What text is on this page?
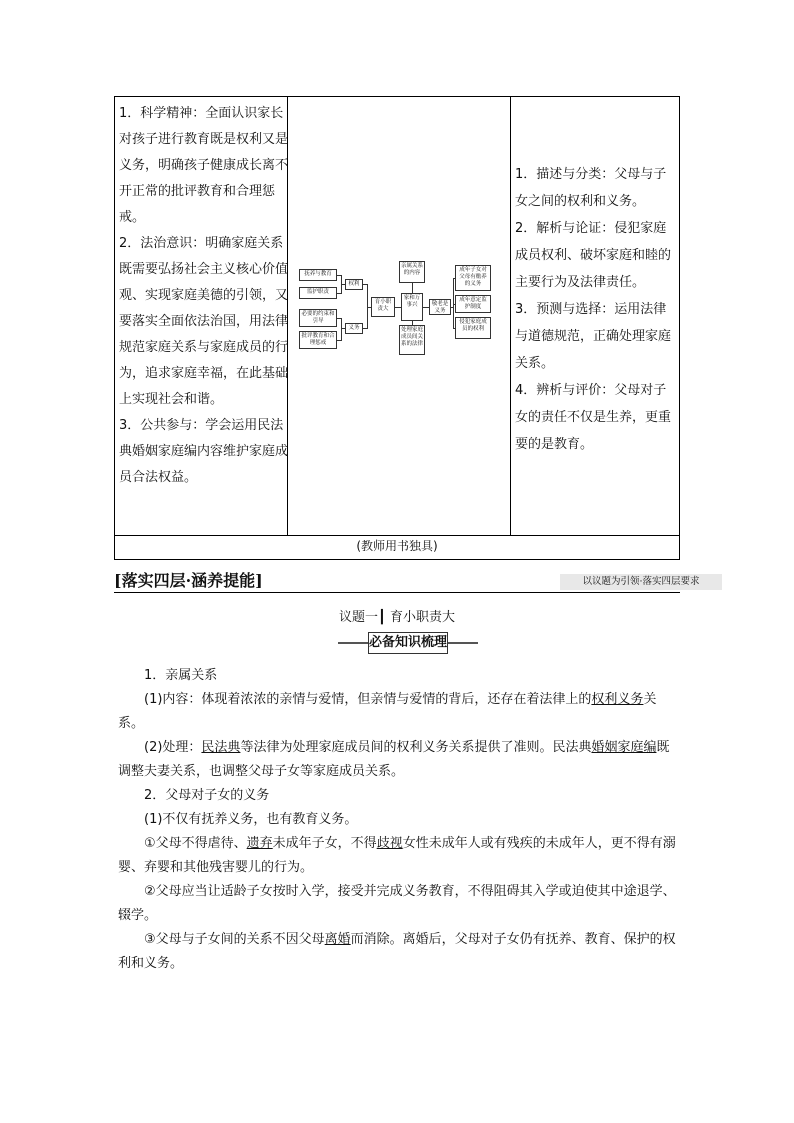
1．科学精神：全面认识家长对孩子进行教育既是权利又是义务，明确孩子健康成长离不开正常的批评教育和合理惩戒。

2．法治意识：明确家庭关系既需要弘扬社会主义核心价值观、实现家庭美德的引领，又要落实全面依法治国，用法律规范家庭关系与家庭成员的行为，追求家庭幸福，在此基础上实现社会和谐。

3．公共参与：学会运用民法典婚姻家庭编内容维护家庭成员合法权益。

抚养与教育
监护职责
必要的约束和引导
批评教育和合理惩戒
权利
义务
育小职责大
亲属关系的内容
家和万事兴
处理家庭成员间关系的法律
敬老是义务
成年子女对父母有赡养的义务
成年意定监护制度
侵犯家庭成员的权利

1．描述与分类：父母与子女之间的权利和义务。

2．解析与论证：侵犯家庭成员权利、破坏家庭和睦的主要行为及法律责任。

3．预测与选择：运用法律与道德规范，正确处理家庭关系。

4．辨析与评价：父母对子女的责任不仅是生养，更重要的是教育。

(教师用书独具)
[落实四层·涵养提能]	以议题为引领·落实四层要求
议题一┃ 育小职责大
必备知识梳理

1．亲属关系

(1)内容：体现着浓浓的亲情与爱情，但亲情与爱情的背后，还存在着法律上的权利义务关系。

(2)处理：民法典等法律为处理家庭成员间的权利义务关系提供了准则。民法典婚姻家庭编既调整夫妻关系，也调整父母子女等家庭成员关系。

2．父母对子女的义务

(1)不仅有抚养义务，也有教育义务。

①父母不得虐待、遗弃未成年子女，不得歧视女性未成年人或有残疾的未成年人，更不得有溺婴、弃婴和其他残害婴儿的行为。

②父母应当让适龄子女按时入学，接受并完成义务教育，不得阻碍其入学或迫使其中途退学、辍学。

③父母与子女间的关系不因父母离婚而消除。离婚后，父母对子女仍有抚养、教育、保护的权利和义务。
